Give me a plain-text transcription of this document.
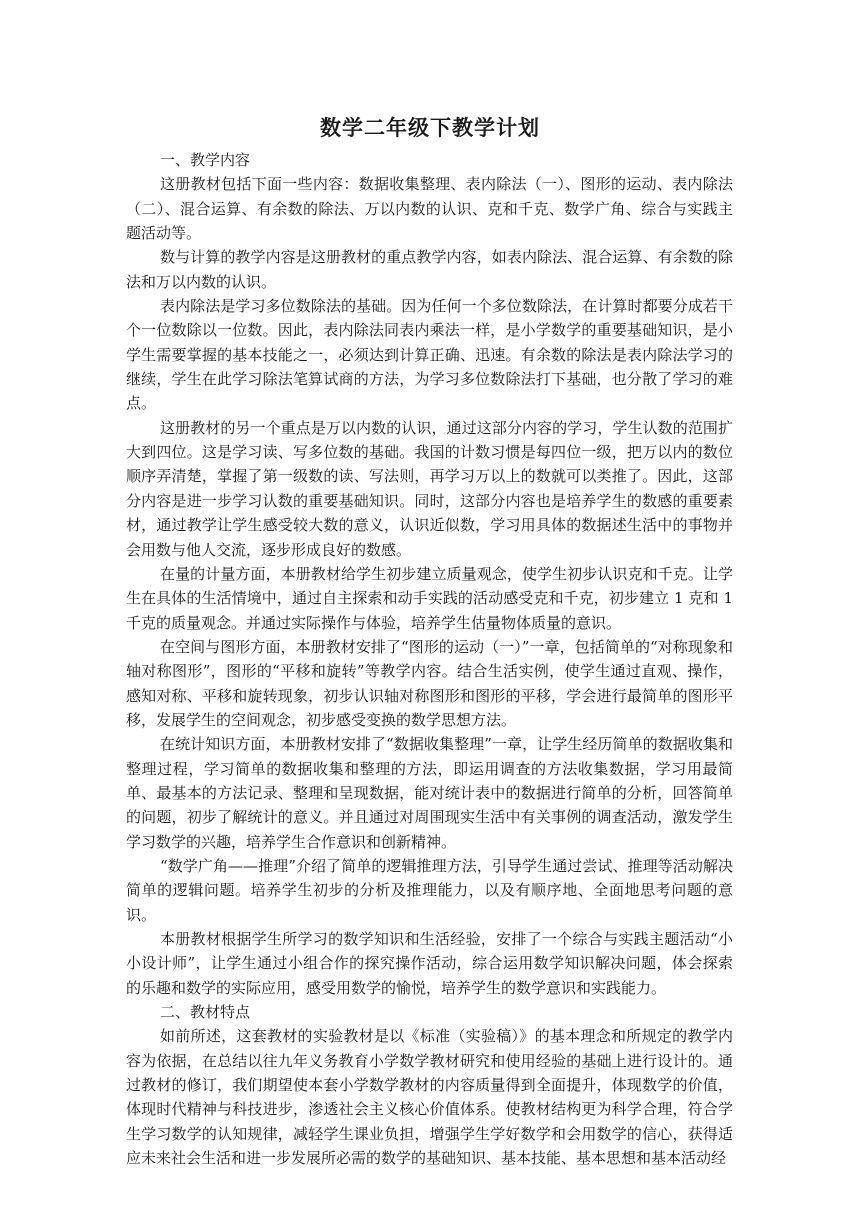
数学二年级下教学计划

一、教学内容

这册教材包括下面一些内容：数据收集整理、表内除法（一）、图形的运动、表内除法（二）、混合运算、有余数的除法、万以内数的认识、克和千克、数学广角、综合与实践主题活动等。

数与计算的教学内容是这册教材的重点教学内容，如表内除法、混合运算、有余数的除法和万以内数的认识。

表内除法是学习多位数除法的基础。因为任何一个多位数除法，在计算时都要分成若干个一位数除以一位数。因此，表内除法同表内乘法一样，是小学数学的重要基础知识，是小学生需要掌握的基本技能之一，必须达到计算正确、迅速。有余数的除法是表内除法学习的继续，学生在此学习除法笔算试商的方法，为学习多位数除法打下基础，也分散了学习的难点。

这册教材的另一个重点是万以内数的认识，通过这部分内容的学习，学生认数的范围扩大到四位。这是学习读、写多位数的基础。我国的计数习惯是每四位一级，把万以内的数位顺序弄清楚，掌握了第一级数的读、写法则，再学习万以上的数就可以类推了。因此，这部分内容是进一步学习认数的重要基础知识。同时，这部分内容也是培养学生的数感的重要素材，通过教学让学生感受较大数的意义，认识近似数，学习用具体的数据述生活中的事物并会用数与他人交流，逐步形成良好的数感。

在量的计量方面，本册教材给学生初步建立质量观念，使学生初步认识克和千克。让学生在具体的生活情境中，通过自主探索和动手实践的活动感受克和千克，初步建立 1 克和 1 千克的质量观念。并通过实际操作与体验，培养学生估量物体质量的意识。

在空间与图形方面，本册教材安排了“图形的运动（一）”一章，包括简单的“对称现象和轴对称图形”，图形的“平移和旋转”等教学内容。结合生活实例，使学生通过直观、操作，感知对称、平移和旋转现象，初步认识轴对称图形和图形的平移，学会进行最简单的图形平移，发展学生的空间观念，初步感受变换的数学思想方法。

在统计知识方面，本册教材安排了“数据收集整理”一章，让学生经历简单的数据收集和整理过程，学习简单的数据收集和整理的方法，即运用调查的方法收集数据，学习用最简单、最基本的方法记录、整理和呈现数据，能对统计表中的数据进行简单的分析，回答简单的问题，初步了解统计的意义。并且通过对周围现实生活中有关事例的调查活动，激发学生学习数学的兴趣，培养学生合作意识和创新精神。

“数学广角——推理”介绍了简单的逻辑推理方法，引导学生通过尝试、推理等活动解决简单的逻辑问题。培养学生初步的分析及推理能力，以及有顺序地、全面地思考问题的意识。

本册教材根据学生所学习的数学知识和生活经验，安排了一个综合与实践主题活动“小小设计师”，让学生通过小组合作的探究操作活动，综合运用数学知识解决问题，体会探索的乐趣和数学的实际应用，感受用数学的愉悦，培养学生的数学意识和实践能力。

二、教材特点

如前所述，这套教材的实验教材是以《标准（实验稿）》的基本理念和所规定的教学内容为依据，在总结以往九年义务教育小学数学教材研究和使用经验的基础上进行设计的。通过教材的修订，我们期望使本套小学数学教材的内容质量得到全面提升，体现数学的价值，体现时代精神与科技进步，渗透社会主义核心价值体系。使教材结构更为科学合理，符合学生学习数学的认知规律，减轻学生课业负担，增强学生学好数学和会用数学的信心，获得适应未来社会生活和进一步发展所必需的数学的基础知识、基本技能、基本思想和基本活动经
